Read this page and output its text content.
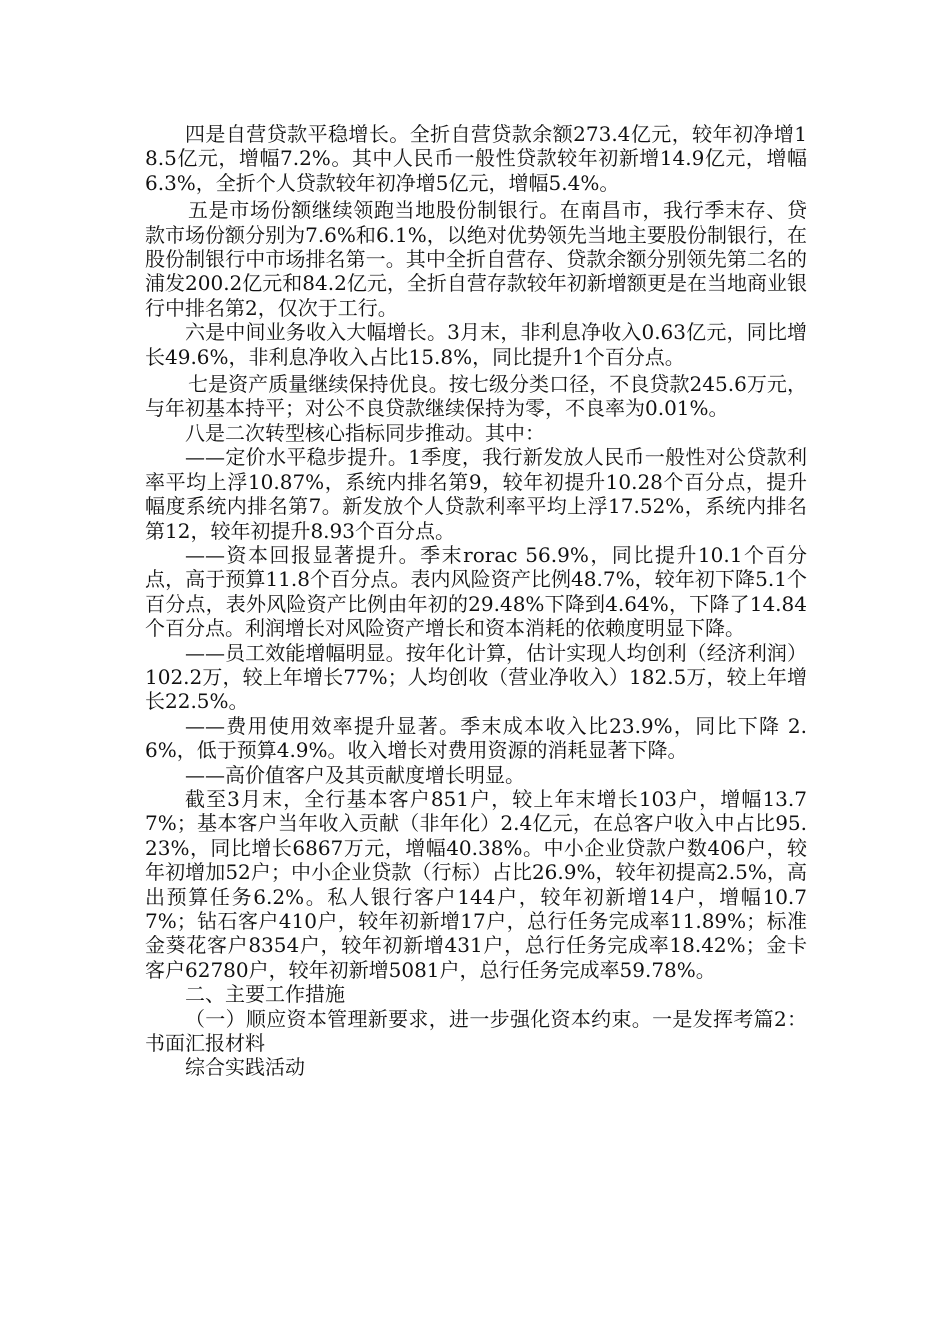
四是自营贷款平稳增长。全折自营贷款余额273.4亿元，较年初净增18.5亿元，增幅7.2%。其中人民币一般性贷款较年初新增14.9亿元，增幅6.3%，全折个人贷款较年初净增5亿元，增幅5.4%。

五是市场份额继续领跑当地股份制银行。在南昌市，我行季末存、贷款市场份额分别为7.6%和6.1%，以绝对优势领先当地主要股份制银行，在股份制银行中市场排名第一。其中全折自营存、贷款余额分别领先第二名的浦发200.2亿元和84.2亿元，全折自营存款较年初新增额更是在当地商业银行中排名第2，仅次于工行。

六是中间业务收入大幅增长。3月末，非利息净收入0.63亿元，同比增长49.6%，非利息净收入占比15.8%，同比提升1个百分点。

七是资产质量继续保持优良。按七级分类口径，不良贷款245.6万元，与年初基本持平；对公不良贷款继续保持为零，不良率为0.01%。

八是二次转型核心指标同步推动。其中：

——定价水平稳步提升。1季度，我行新发放人民币一般性对公贷款利率平均上浮10.87%，系统内排名第9，较年初提升10.28个百分点，提升幅度系统内排名第7。新发放个人贷款利率平均上浮17.52%，系统内排名第12，较年初提升8.93个百分点。

——资本回报显著提升。季末rorac 56.9%，同比提升10.1个百分点，高于预算11.8个百分点。表内风险资产比例48.7%，较年初下降5.1个百分点，表外风险资产比例由年初的29.48%下降到4.64%，下降了14.84个百分点。利润增长对风险资产增长和资本消耗的依赖度明显下降。

——员工效能增幅明显。按年化计算，估计实现人均创利（经济利润）102.2万，较上年增长77%；人均创收（营业净收入）182.5万，较上年增长22.5%。

——费用使用效率提升显著。季末成本收入比23.9%，同比下降 2.6%，低于预算4.9%。收入增长对费用资源的消耗显著下降。

——高价值客户及其贡献度增长明显。

截至3月末，全行基本客户851户，较上年末增长103户，增幅13.77%；基本客户当年收入贡献（非年化）2.4亿元，在总客户收入中占比95.23%，同比增长6867万元，增幅40.38%。中小企业贷款户数406户，较年初增加52户；中小企业贷款（行标）占比26.9%，较年初提高2.5%，高出预算任务6.2%。私人银行客户144户，较年初新增14户，增幅10.77%；钻石客户410户，较年初新增17户，总行任务完成率11.89%；标准金葵花客户8354户，较年初新增431户，总行任务完成率18.42%；金卡客户62780户，较年初新增5081户，总行任务完成率59.78%。

二、主要工作措施

（一）顺应资本管理新要求，进一步强化资本约束。一是发挥考篇2：书面汇报材料

综合实践活动
